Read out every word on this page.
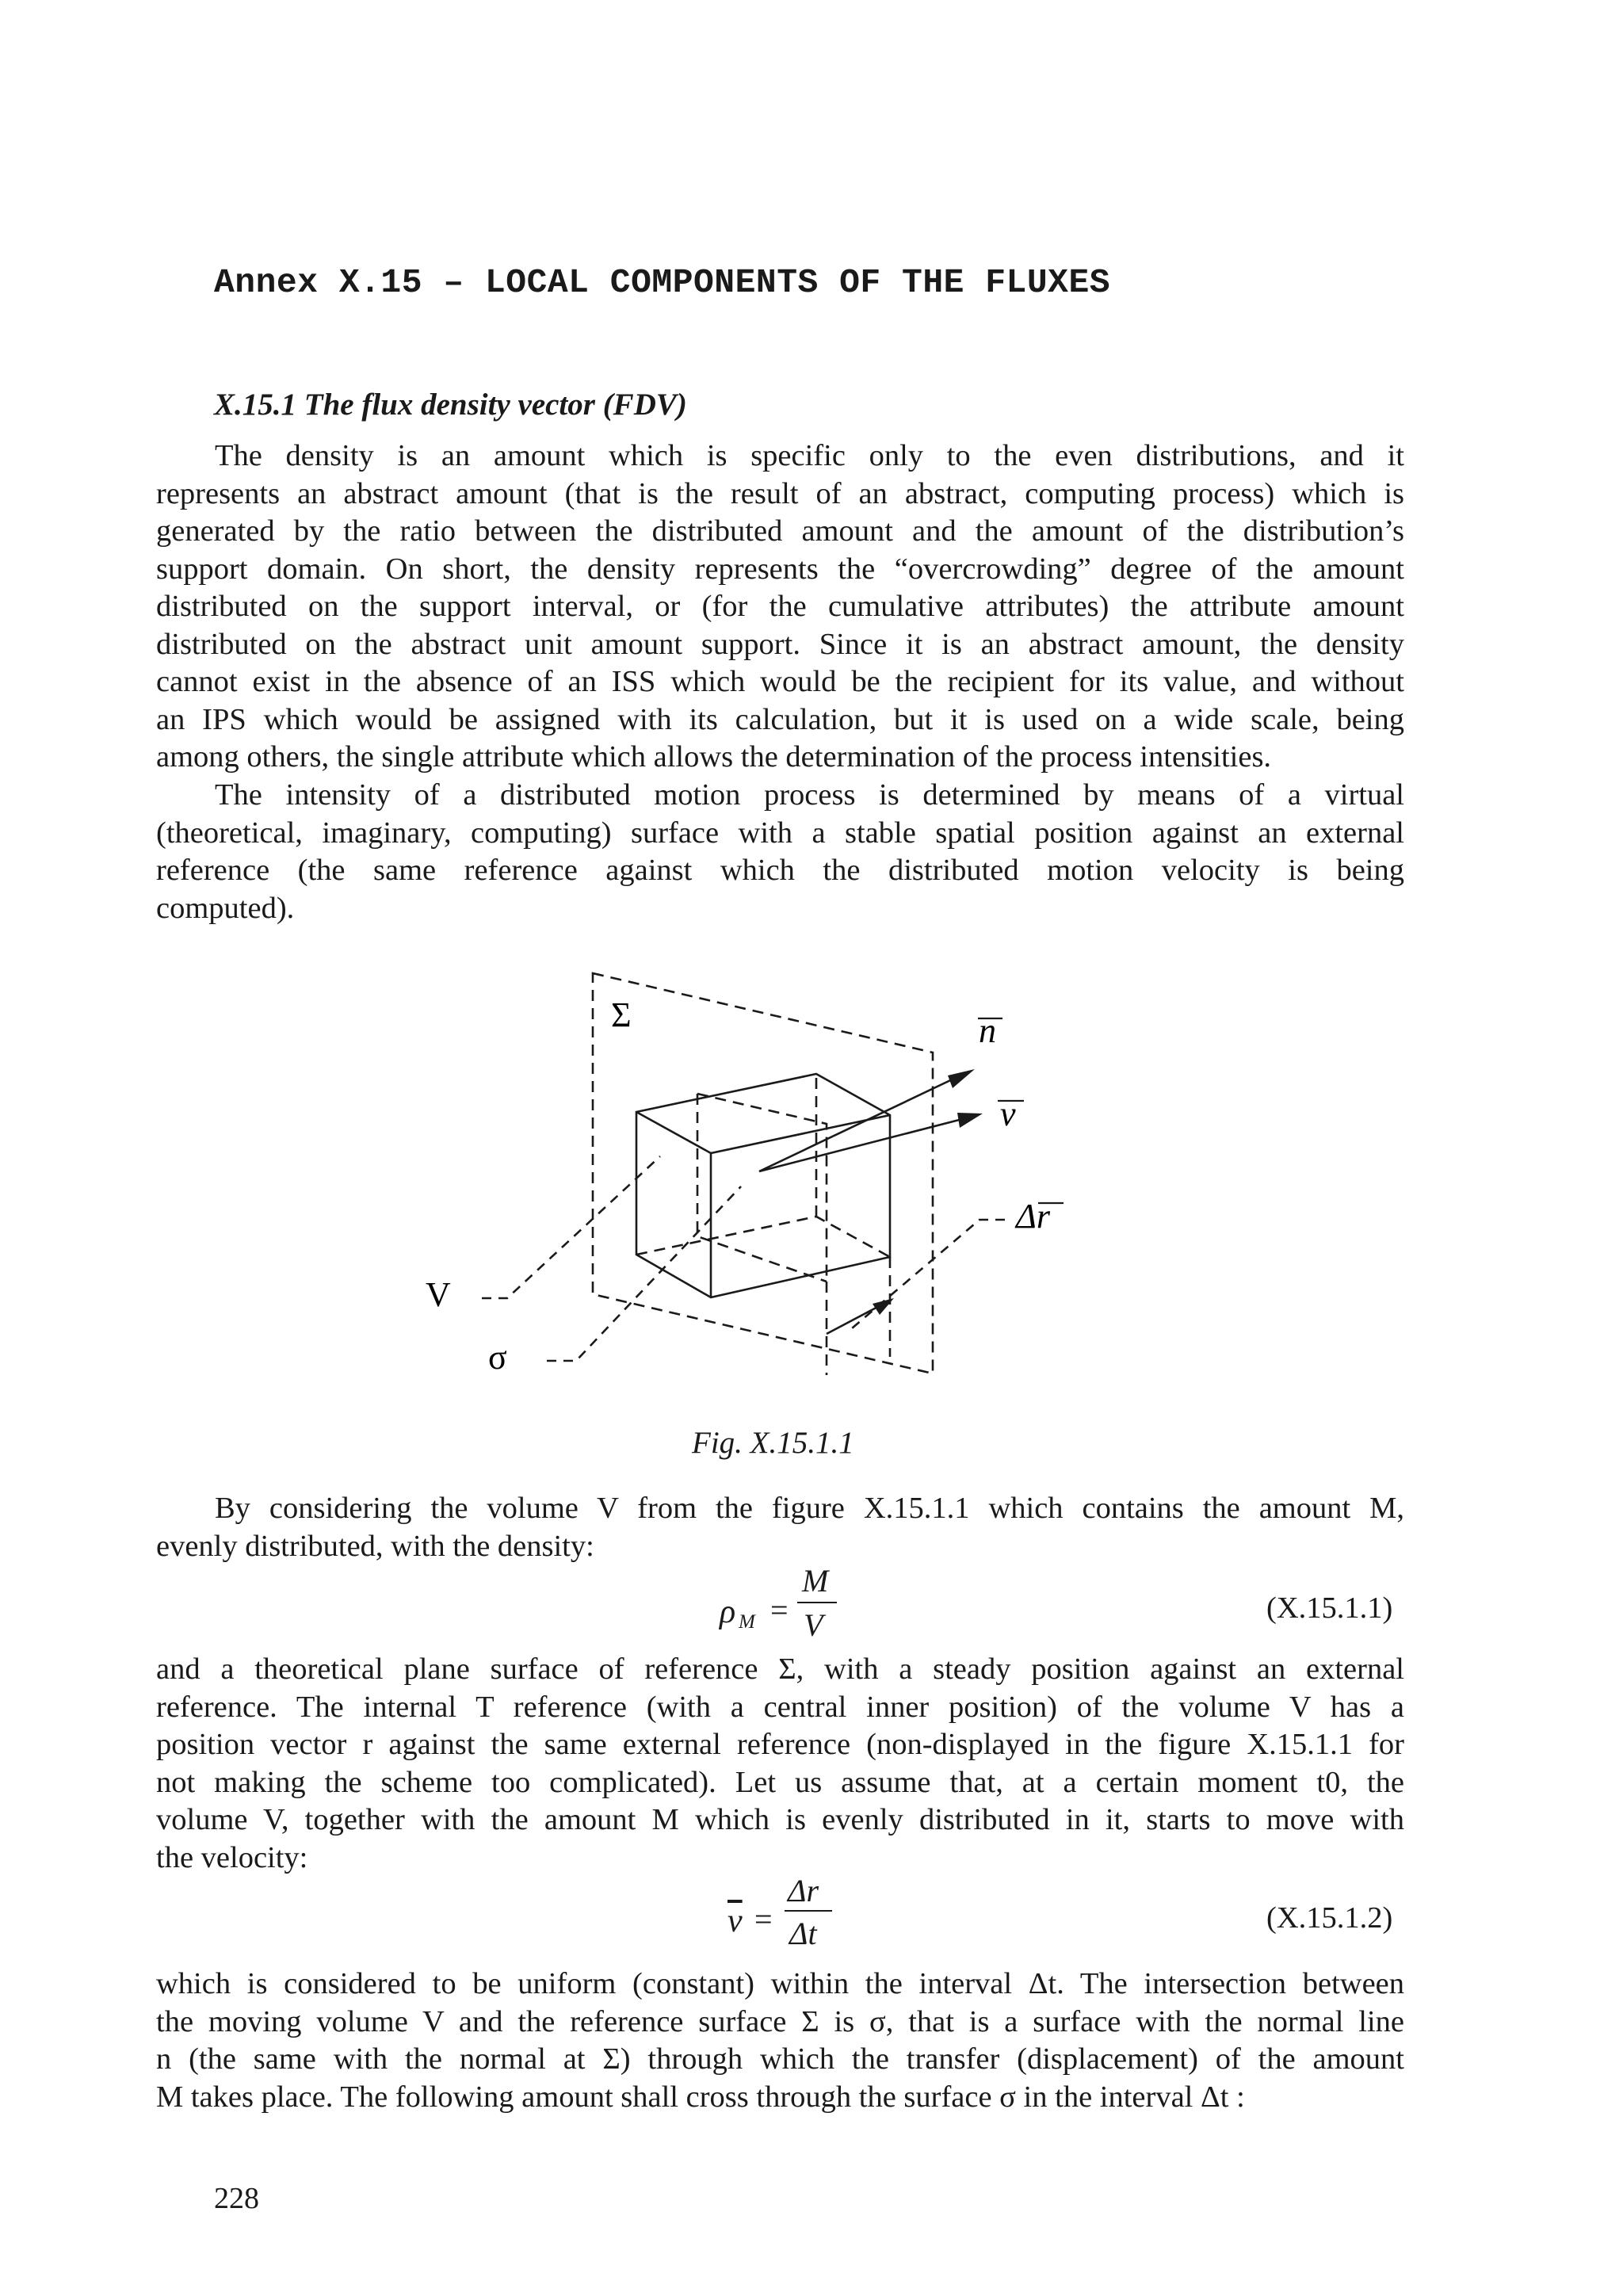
Annex X.15 – LOCAL COMPONENTS OF THE FLUXES
X.15.1 The flux density vector (FDV)
The density is an amount which is specific only to the even distributions, and it
represents an abstract amount (that is the result of an abstract, computing process) which is
generated by the ratio between the distributed amount and the amount of the distribution’s
support domain. On short, the density represents the “overcrowding” degree of the amount
distributed on the support interval, or (for the cumulative attributes) the attribute amount
distributed on the abstract unit amount support. Since it is an abstract amount, the density
cannot exist in the absence of an ISS which would be the recipient for its value, and without
an IPS which would be assigned with its calculation, but it is used on a wide scale, being
among others, the single attribute which allows the determination of the process intensities.
The intensity of a distributed motion process is determined by means of a virtual
(theoretical, imaginary, computing) surface with a stable spatial position against an external
reference (the same reference against which the distributed motion velocity is being
computed).
Σ	n
v
Δr
V
σ
Fig. X.15.1.1
By considering the volume V from the figure X.15.1.1 which contains the amount M,
evenly distributed, with the density:
ρ M =
M
V	(X.15.1.1)
and a theoretical plane surface of reference Σ, with a steady position against an external
reference. The internal T reference (with a central inner position) of the volume V has a
position vector r against the same external reference (non-displayed in the figure X.15.1.1 for
not making the scheme too complicated). Let us assume that, at a certain moment t0, the
volume V, together with the amount M which is evenly distributed in it, starts to move with
the velocity:
$\overline{v}$ =
Δr
Δt	(X.15.1.2)
which is considered to be uniform (constant) within the interval Δt. The intersection between
the moving volume V and the reference surface Σ is σ, that is a surface with the normal line
n (the same with the normal at Σ) through which the transfer (displacement) of the amount
M takes place. The following amount shall cross through the surface σ in the interval Δt :
228
